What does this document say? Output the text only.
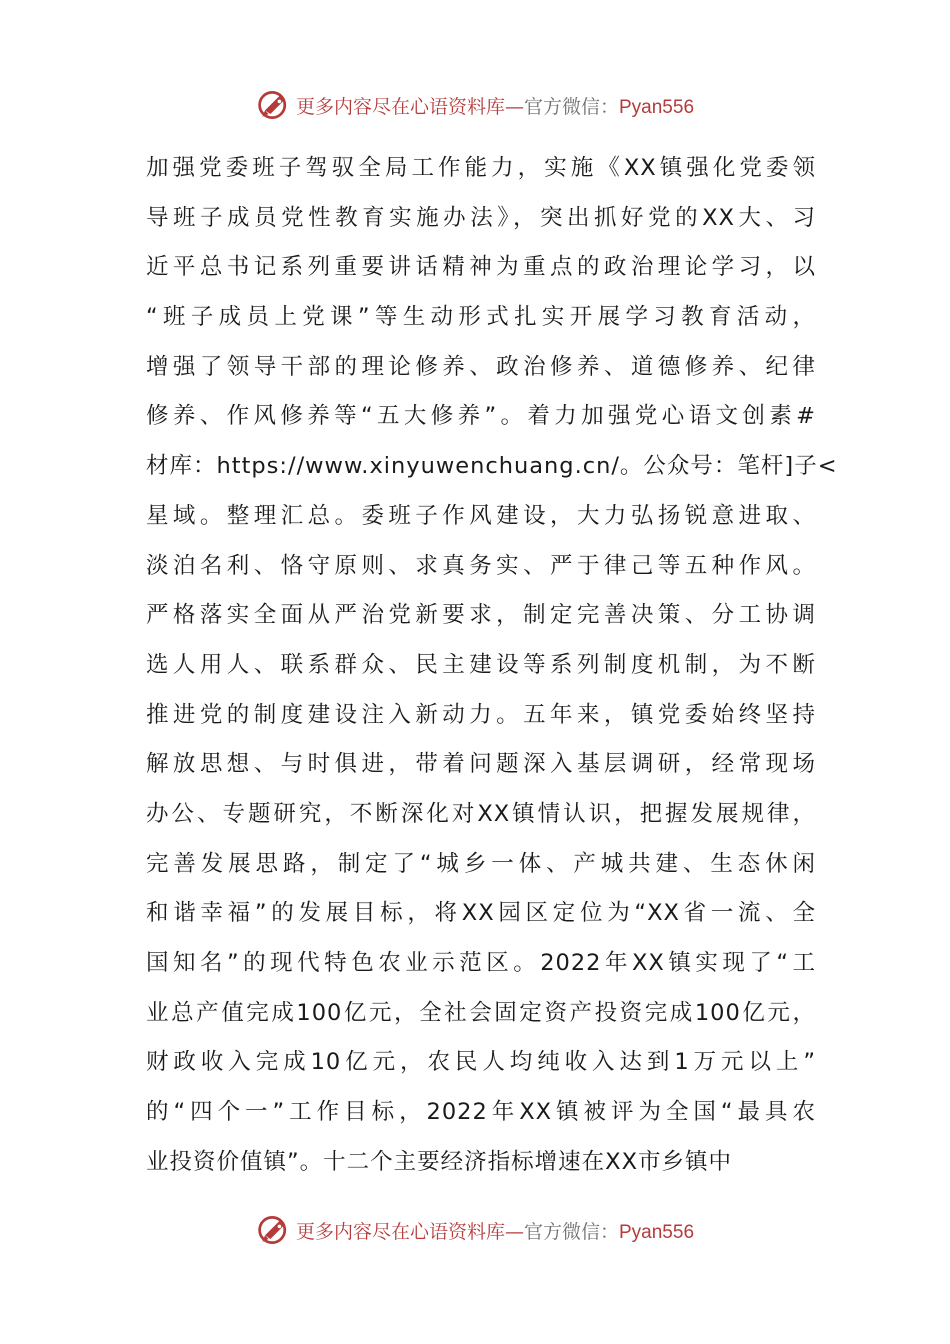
更多内容尽在心语资料库—官方微信：Pyan556
加强党委班子驾驭全局工作能力，实施《XX镇强化党委领
导班子成员党性教育实施办法》，突出抓好党的XX大、习
近平总书记系列重要讲话精神为重点的政治理论学习，以
“班子成员上党课”等生动形式扎实开展学习教育活动，
增强了领导干部的理论修养、政治修养、道德修养、纪律
修养、作风修养等“五大修养”。着力加强党心语文创素#
材库：https://www.xinyuwenchuang.cn/。公众号：笔杆]子<
星域。整理汇总。委班子作风建设，大力弘扬锐意进取、
淡泊名利、恪守原则、求真务实、严于律己等五种作风。
严格落实全面从严治党新要求，制定完善决策、分工协调
选人用人、联系群众、民主建设等系列制度机制，为不断
推进党的制度建设注入新动力。五年来，镇党委始终坚持
解放思想、与时俱进，带着问题深入基层调研，经常现场
办公、专题研究，不断深化对XX镇情认识，把握发展规律，
完善发展思路，制定了“城乡一体、产城共建、生态休闲
和谐幸福”的发展目标，将XX园区定位为“XX省一流、全
国知名”的现代特色农业示范区。2022年XX镇实现了“工
业总产值完成100亿元，全社会固定资产投资完成100亿元，
财政收入完成10亿元，农民人均纯收入达到1万元以上”
的“四个一”工作目标，2022年XX镇被评为全国“最具农
业投资价值镇”。十二个主要经济指标增速在XX市乡镇中
更多内容尽在心语资料库—官方微信：Pyan556
